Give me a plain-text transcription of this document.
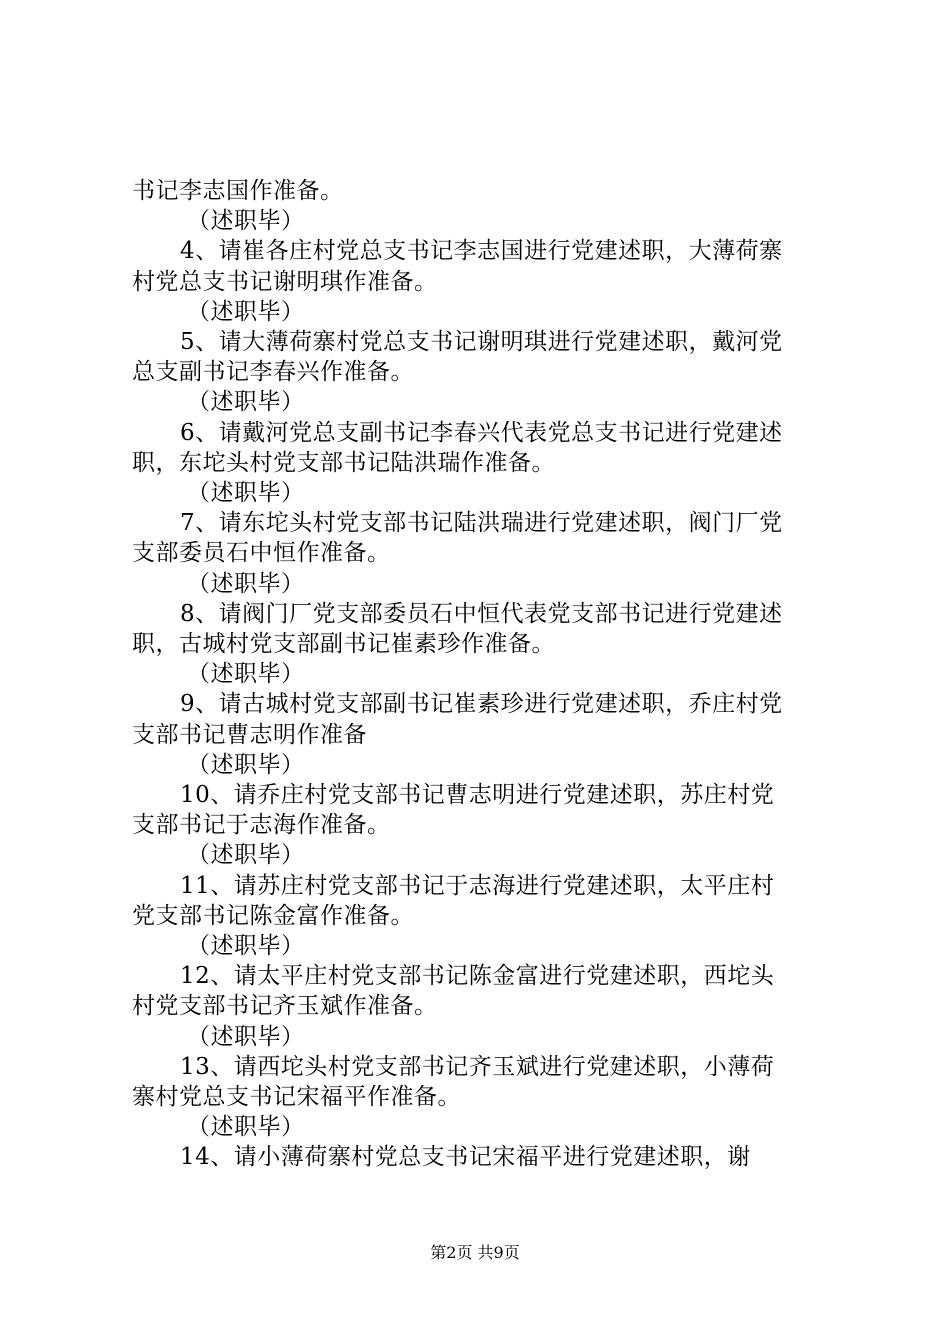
书记李志国作准备。
（述职毕）
4、请崔各庄村党总支书记李志国进行党建述职，大薄荷寨
村党总支书记谢明琪作准备。
（述职毕）
5、请大薄荷寨村党总支书记谢明琪进行党建述职，戴河党
总支副书记李春兴作准备。
（述职毕）
6、请戴河党总支副书记李春兴代表党总支书记进行党建述
职，东坨头村党支部书记陆洪瑞作准备。
（述职毕）
7、请东坨头村党支部书记陆洪瑞进行党建述职，阀门厂党
支部委员石中恒作准备。
（述职毕）
8、请阀门厂党支部委员石中恒代表党支部书记进行党建述
职，古城村党支部副书记崔素珍作准备。
（述职毕）
9、请古城村党支部副书记崔素珍进行党建述职，乔庄村党
支部书记曹志明作准备
（述职毕）
10、请乔庄村党支部书记曹志明进行党建述职，苏庄村党
支部书记于志海作准备。
（述职毕）
11、请苏庄村党支部书记于志海进行党建述职，太平庄村
党支部书记陈金富作准备。
（述职毕）
12、请太平庄村党支部书记陈金富进行党建述职，西坨头
村党支部书记齐玉斌作准备。
（述职毕）
13、请西坨头村党支部书记齐玉斌进行党建述职，小薄荷
寨村党总支书记宋福平作准备。
（述职毕）
14、请小薄荷寨村党总支书记宋福平进行党建述职，谢
第2页 共9页
